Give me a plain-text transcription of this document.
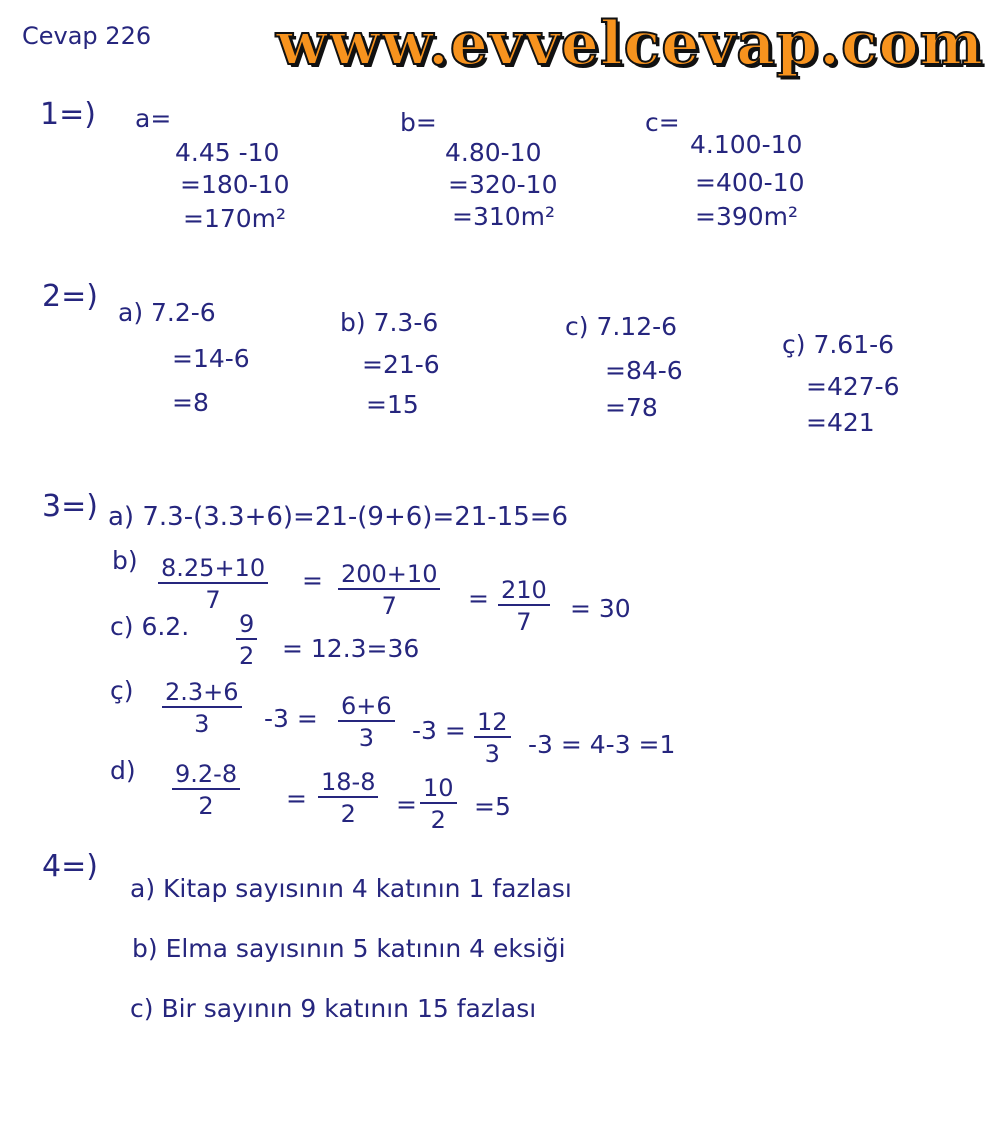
Cevap 226 www.evvelcevap.com
1=) a=
4.45 -10
=180-10
=170m²
b=
4.80-10
=320-10
=310m²
c=
4.100-10
=400-10
=390m²
2=) a) 7.2-6
=14-6
=8
b) 7.3-6
=21-6
=15
c) 7.12-6
=84-6
=78
ç) 7.61-6
=427-6
=421
3=) a) 7.3-(3.3+6)=21-(9+6)=21-15=6
$b) \frac{8.25+10}{7} = \frac{200+10}{7} = \frac{210}{7} = 30$
c) 6.2. $\frac{9}{2} = 12.3=36$
ç) $\frac{2.3+6}{3} -3 = \frac{6+6}{3} -3 = \frac{12}{3} -3 = 4-3 =1$
$d) \frac{9.2-8}{2} = \frac{18-8}{2} = \frac{10}{2} =5$
4=)
a) Kitap sayısının 4 katının 1 fazlası
b) Elma sayısının 5 katının 4 eksiği
c) Bir sayının 9 katının 15 fazlası
